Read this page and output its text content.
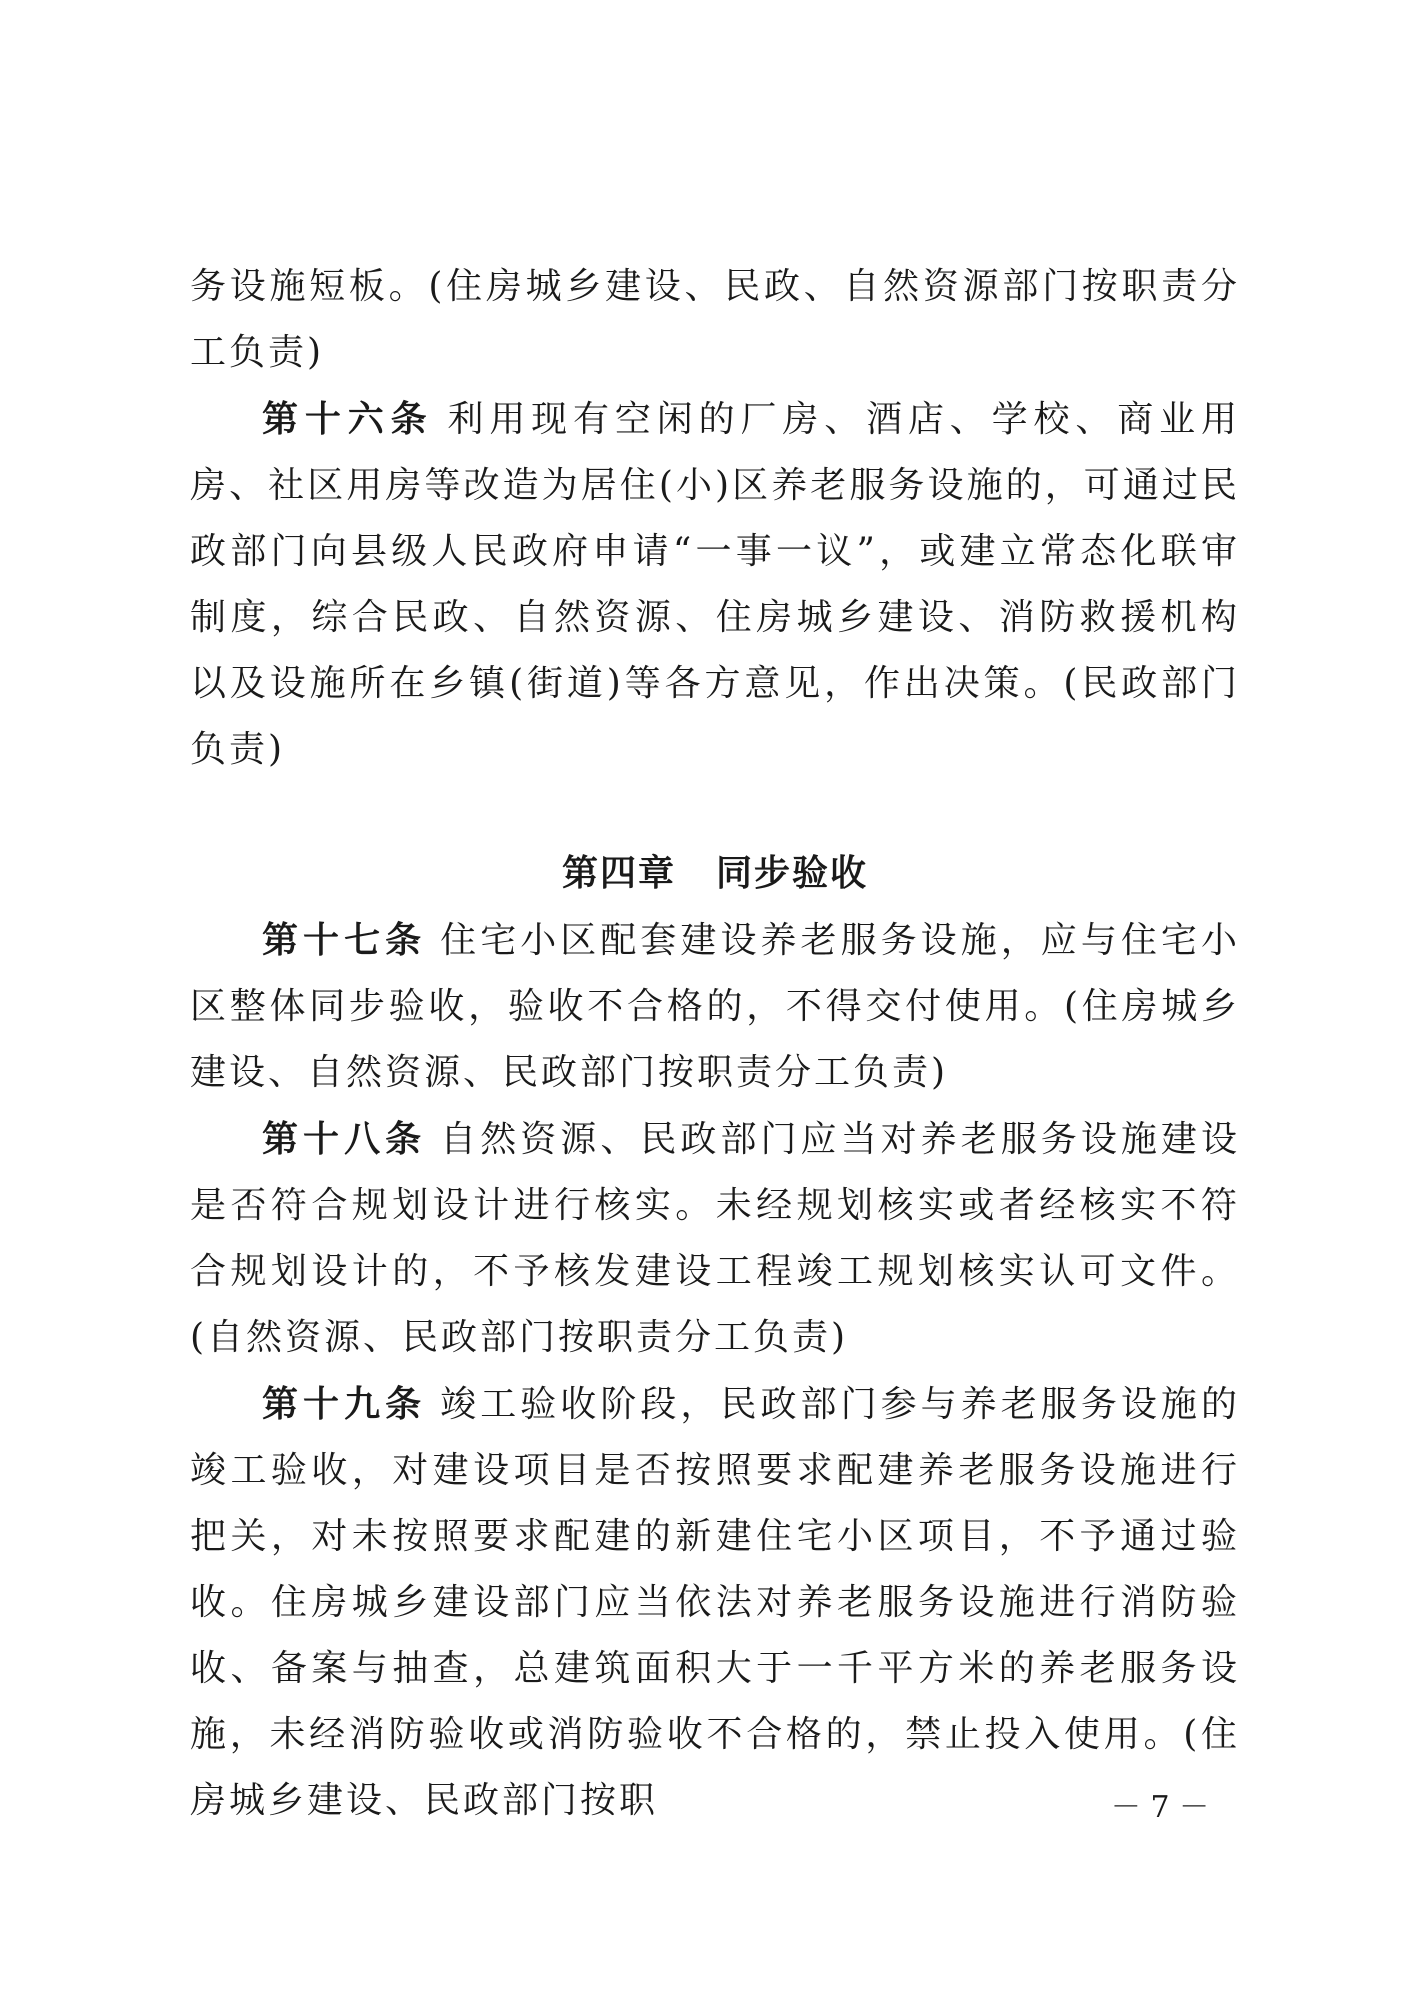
务设施短板。(住房城乡建设、民政、自然资源部门按职责分工负责)

第十六条 利用现有空闲的厂房、酒店、学校、商业用房、社区用房等改造为居住(小)区养老服务设施的，可通过民政部门向县级人民政府申请“一事一议”，或建立常态化联审制度，综合民政、自然资源、住房城乡建设、消防救援机构以及设施所在乡镇(街道)等各方意见，作出决策。(民政部门负责)

第四章 同步验收

第十七条 住宅小区配套建设养老服务设施，应与住宅小区整体同步验收，验收不合格的，不得交付使用。(住房城乡建设、自然资源、民政部门按职责分工负责)

第十八条 自然资源、民政部门应当对养老服务设施建设是否符合规划设计进行核实。未经规划核实或者经核实不符合规划设计的，不予核发建设工程竣工规划核实认可文件。(自然资源、民政部门按职责分工负责)

第十九条 竣工验收阶段，民政部门参与养老服务设施的竣工验收，对建设项目是否按照要求配建养老服务设施进行把关，对未按照要求配建的新建住宅小区项目，不予通过验收。住房城乡建设部门应当依法对养老服务设施进行消防验收、备案与抽查，总建筑面积大于一千平方米的养老服务设施，未经消防验收或消防验收不合格的，禁止投入使用。(住房城乡建设、民政部门按职	－ 7 －
